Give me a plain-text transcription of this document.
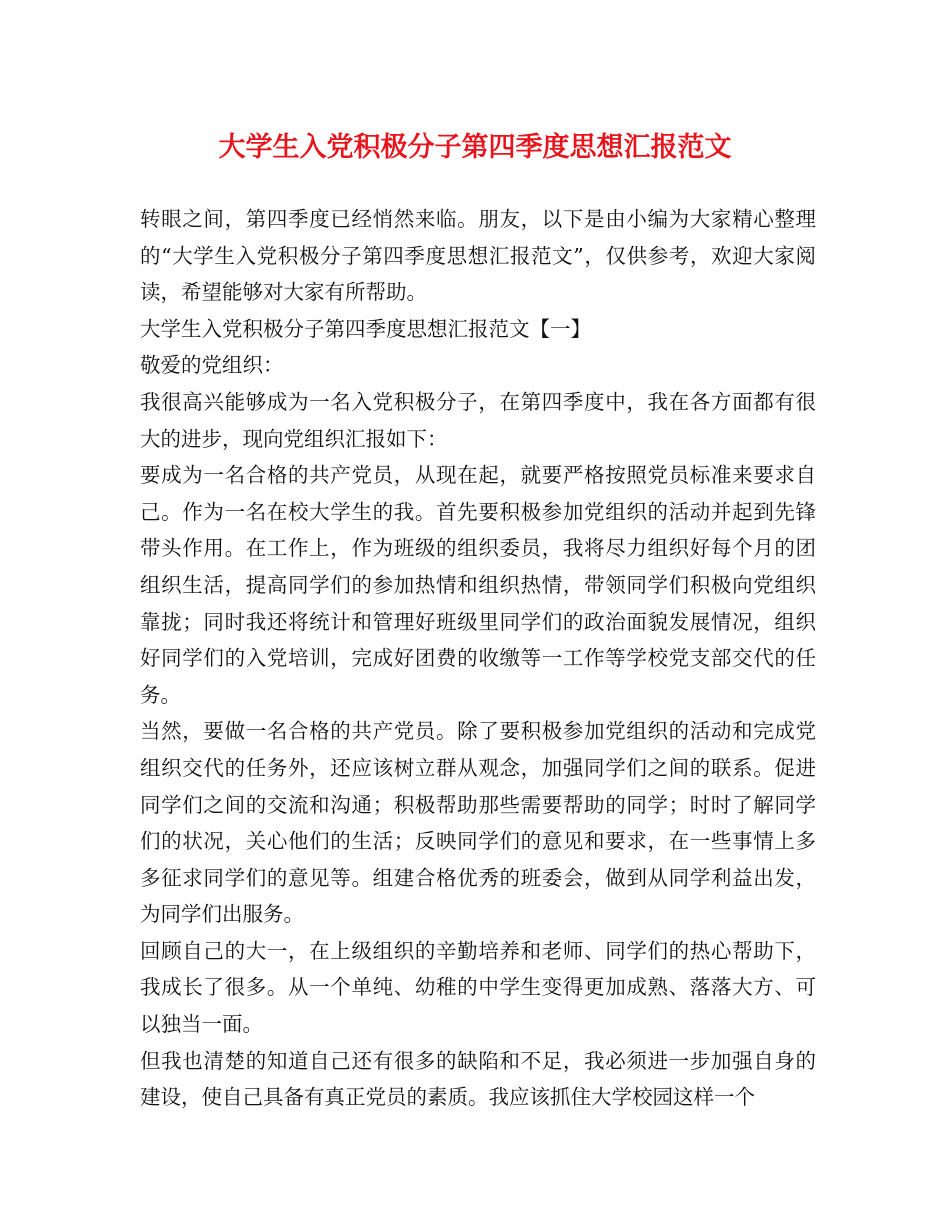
大学生入党积极分子第四季度思想汇报范文

转眼之间，第四季度已经悄然来临。朋友，以下是由小编为大家精心整理的“大学生入党积极分子第四季度思想汇报范文”，仅供参考，欢迎大家阅读，希望能够对大家有所帮助。

大学生入党积极分子第四季度思想汇报范文【一】

敬爱的党组织：

我很高兴能够成为一名入党积极分子，在第四季度中，我在各方面都有很大的进步，现向党组织汇报如下：

要成为一名合格的共产党员，从现在起，就要严格按照党员标准来要求自己。作为一名在校大学生的我。首先要积极参加党组织的活动并起到先锋带头作用。在工作上，作为班级的组织委员，我将尽力组织好每个月的团组织生活，提高同学们的参加热情和组织热情，带领同学们积极向党组织靠拢；同时我还将统计和管理好班级里同学们的政治面貌发展情况，组织好同学们的入党培训，完成好团费的收缴等一工作等学校党支部交代的任务。

当然，要做一名合格的共产党员。除了要积极参加党组织的活动和完成党组织交代的任务外，还应该树立群从观念，加强同学们之间的联系。促进同学们之间的交流和沟通；积极帮助那些需要帮助的同学；时时了解同学们的状况，关心他们的生活；反映同学们的意见和要求，在一些事情上多多征求同学们的意见等。组建合格优秀的班委会，做到从同学利益出发，为同学们出服务。

回顾自己的大一，在上级组织的辛勤培养和老师、同学们的热心帮助下，我成长了很多。从一个单纯、幼稚的中学生变得更加成熟、落落大方、可以独当一面。

但我也清楚的知道自己还有很多的缺陷和不足，我必须进一步加强自身的建设，使自己具备有真正党员的素质。我应该抓住大学校园这样一个
